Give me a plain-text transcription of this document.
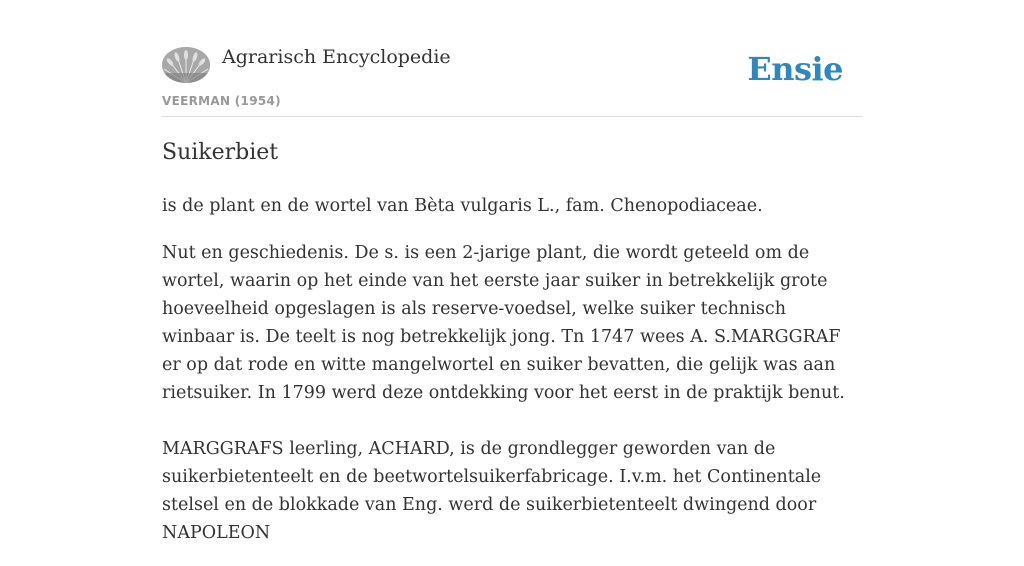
Agrarisch Encyclopedie
VEERMAN (1954)
Ensie
Suikerbiet

is de plant en de wortel van Bèta vulgaris L., fam. Chenopodiaceae.

Nut en geschiedenis. De s. is een 2-jarige plant, die wordt geteeld om de wortel, waarin op het einde van het eerste jaar suiker in betrekkelijk grote hoeveelheid opgeslagen is als reserve-voedsel, welke suiker technisch winbaar is. De teelt is nog betrekkelijk jong. Tn 1747 wees A. S.MARGGRAF er op dat rode en witte mangelwortel en suiker bevatten, die gelijk was aan rietsuiker. In 1799 werd deze ontdekking voor het eerst in de praktijk benut.

MARGGRAFS leerling, ACHARD, is de grondlegger geworden van de suikerbietenteelt en de beetwortelsuikerfabricage. I.v.m. het Continentale stelsel en de blokkade van Eng. werd de suikerbietenteelt dwingend door NAPOLEON
